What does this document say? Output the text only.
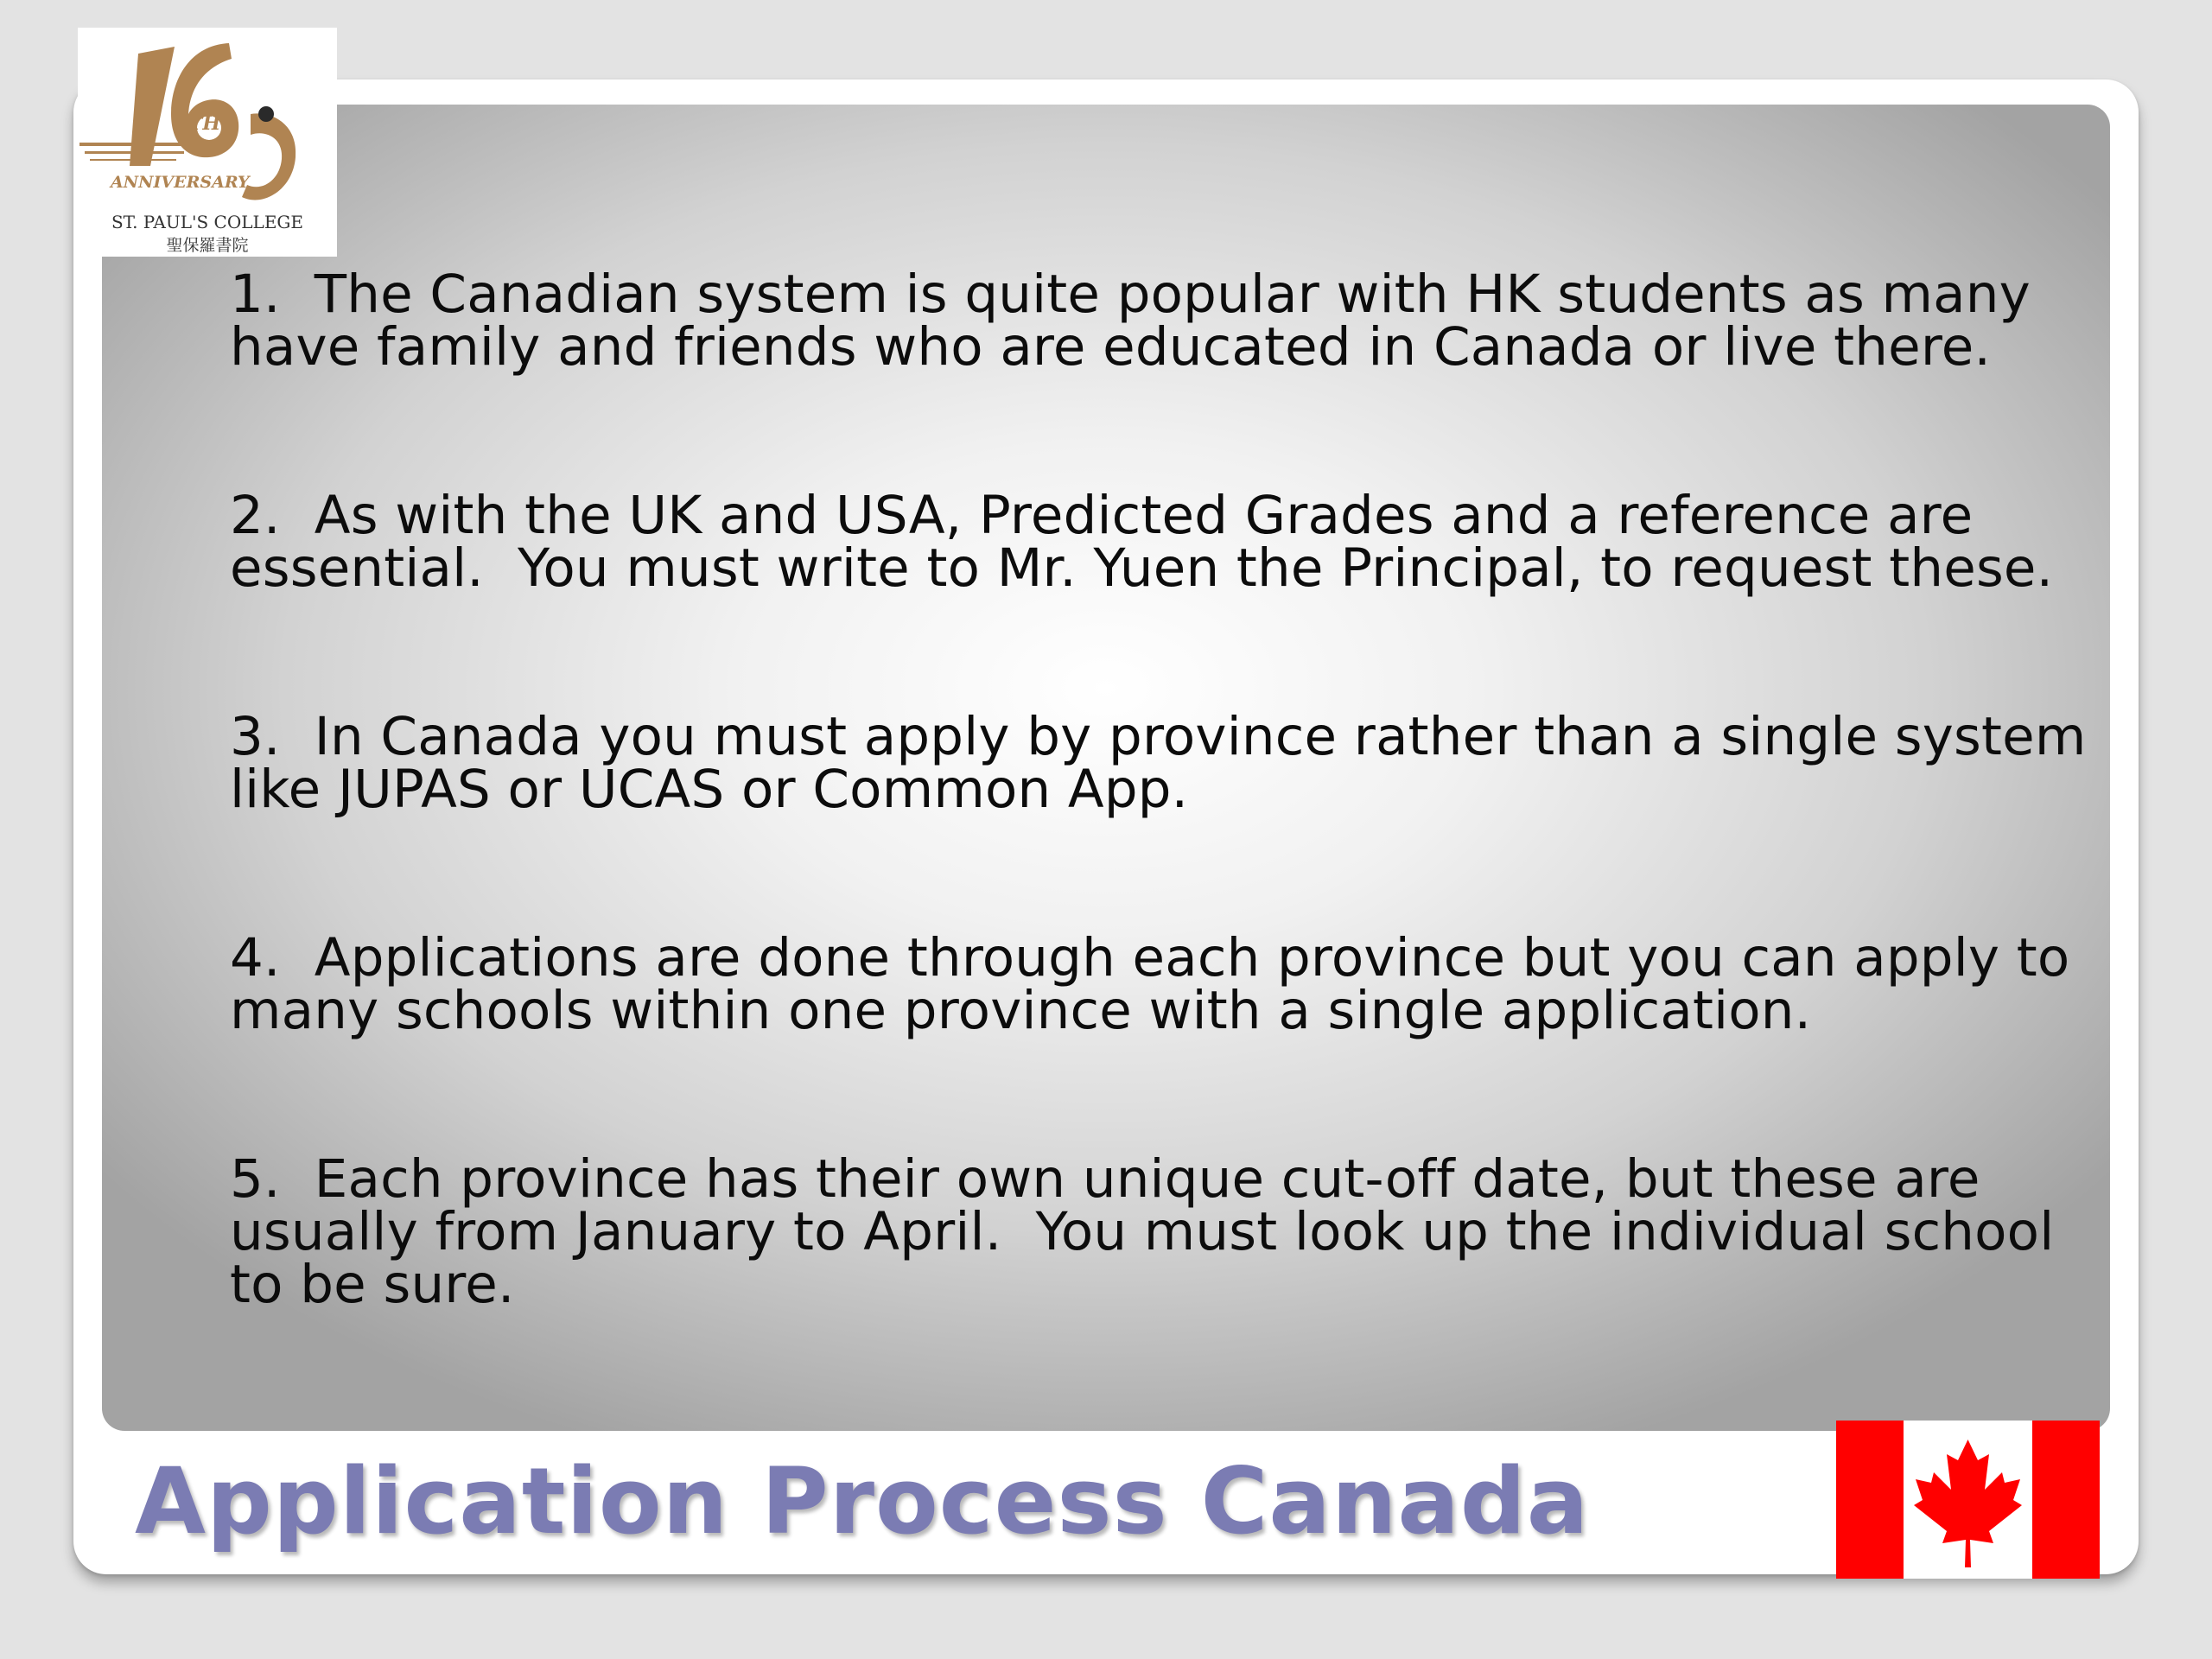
TH
ANNIVERSARY
ST. PAUL'S COLLEGE
聖保羅書院
1.  The Canadian system is quite popular with HK students as many have family and friends who are educated in Canada or live there.
2.  As with the UK and USA, Predicted Grades and a reference are essential.  You must write to Mr. Yuen the Principal, to request these.
3.  In Canada you must apply by province rather than a single system like JUPAS or UCAS or Common App.
4.  Applications are done through each province but you can apply to many schools within one province with a single application.
5.  Each province has their own unique cut-off date, but these are usually from January to April.  You must look up the individual school to be sure.
Application Process Canada
